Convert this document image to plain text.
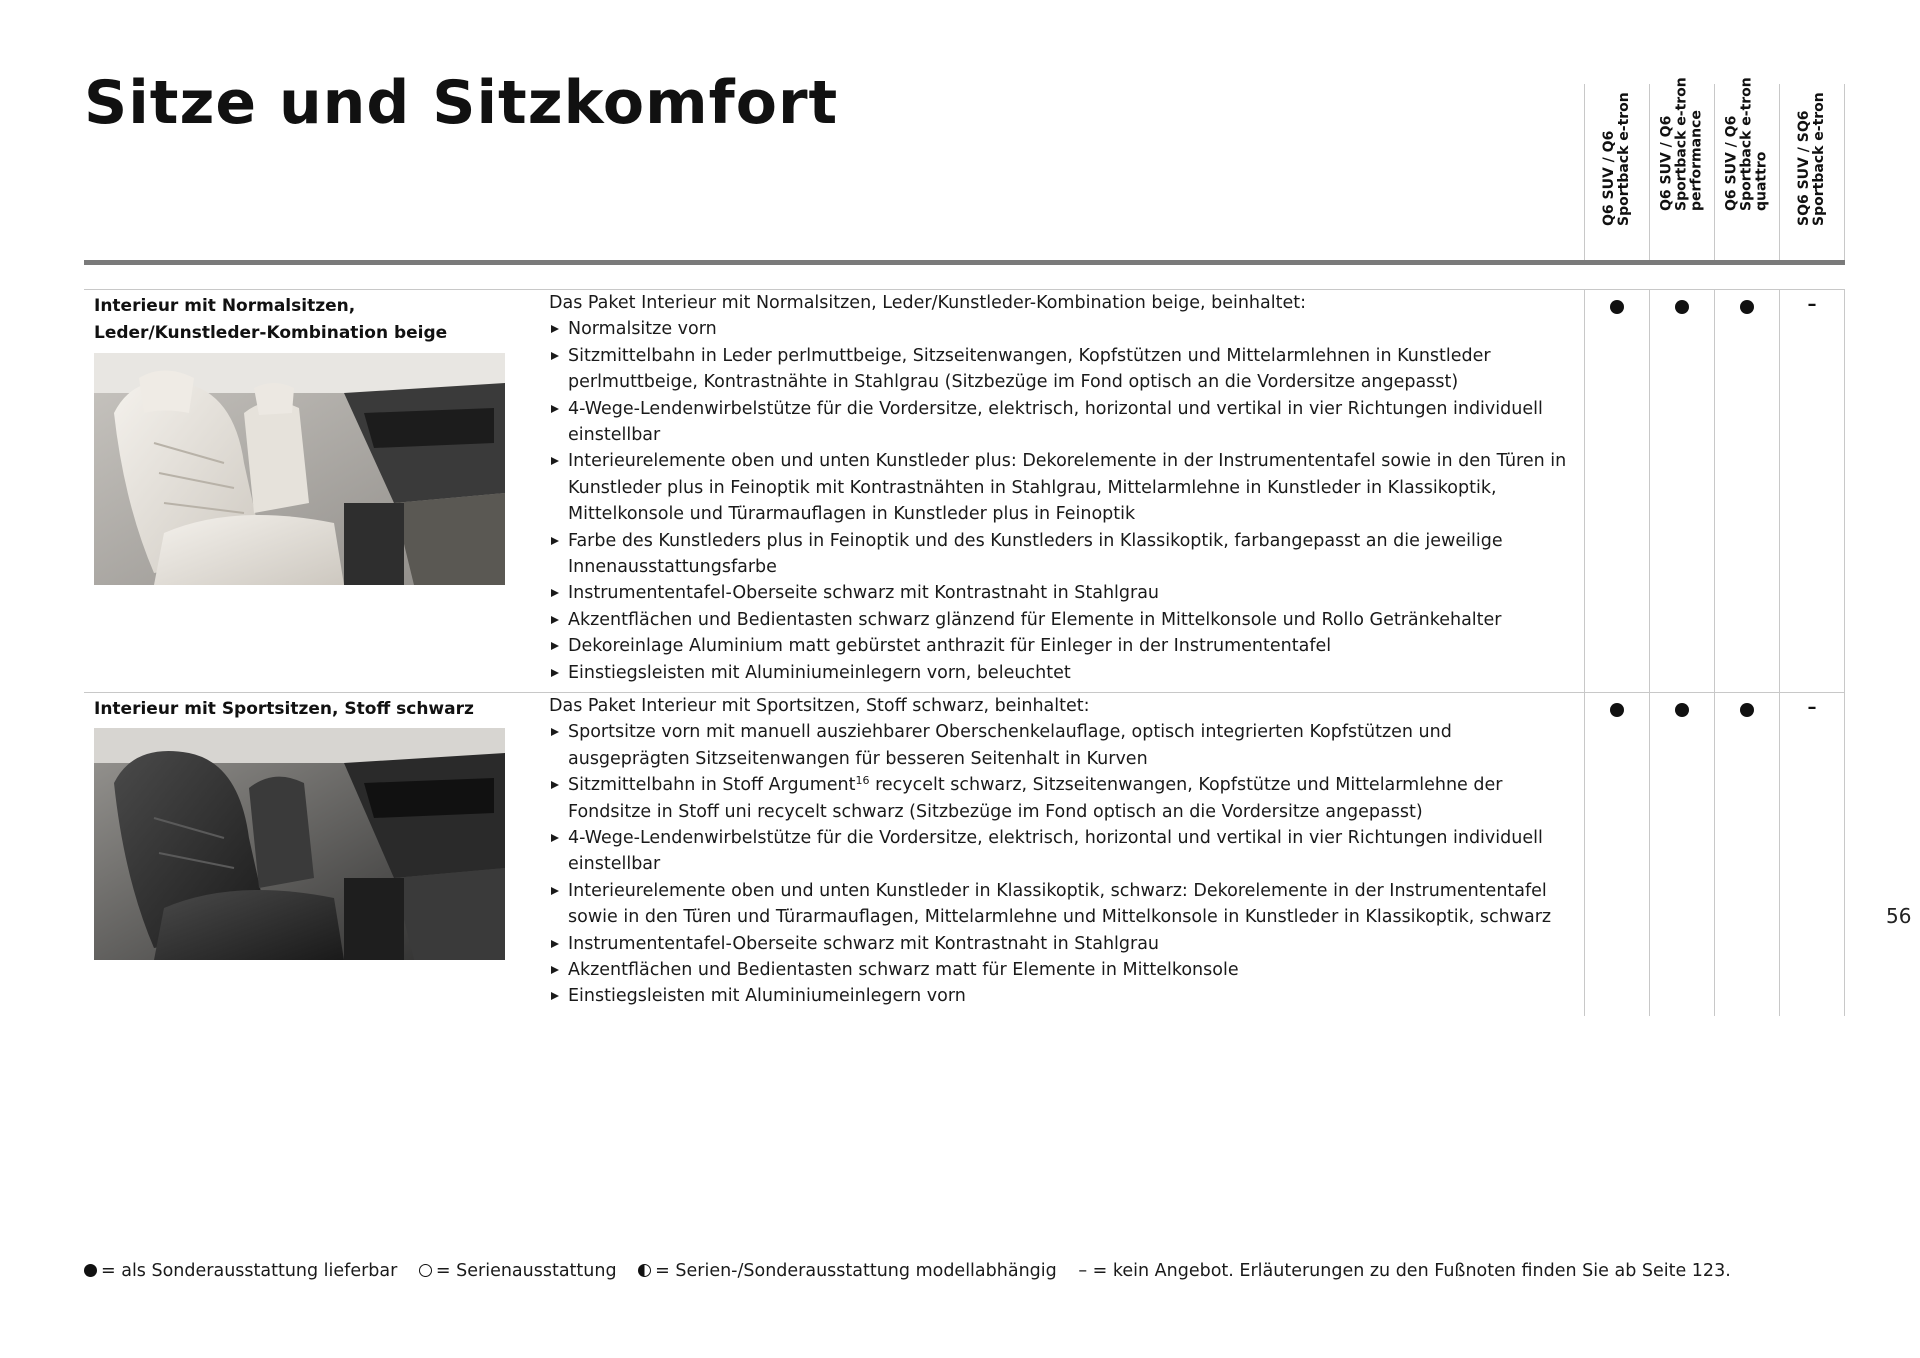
Sitze und Sitzkomfort
Q6 SUV / Q6
Sportback e-tron Q6 SUV / Q6
Sportback e-tron
performance Q6 SUV / Q6
Sportback e-tron
quattro SQ6 SUV / SQ6
Sportback e-tron
Interieur mit Normalsitzen, Leder/Kunstleder-Kombination beige
Das Paket Interieur mit Normalsitzen, Leder/Kunstleder-Kombination beige, beinhaltet:
Normalsitze vorn
Sitzmittelbahn in Leder perlmuttbeige, Sitzseitenwangen, Kopfstützen und Mittelarmlehnen in Kunstleder perlmuttbeige, Kontrastnähte in Stahlgrau (Sitzbezüge im Fond optisch an die Vordersitze angepasst)
4-Wege-Lendenwirbelstütze für die Vordersitze, elektrisch, horizontal und vertikal in vier Richtungen individuell einstellbar
Interieurelemente oben und unten Kunstleder plus: Dekorelemente in der Instrumententafel sowie in den Türen in Kunstleder plus in Feinoptik mit Kontrastnähten in Stahlgrau, Mittelarmlehne in Kunstleder in Klassikoptik, Mittelkonsole und Türarmauflagen in Kunstleder plus in Feinoptik
Farbe des Kunstleders plus in Feinoptik und des Kunstleders in Klassikoptik, farbangepasst an die jeweilige Innenausstattungsfarbe
Instrumententafel-Oberseite schwarz mit Kontrastnaht in Stahlgrau
Akzentflächen und Bedientasten schwarz glänzend für Elemente in Mittelkonsole und Rollo Getränkehalter
Dekoreinlage Aluminium matt gebürstet anthrazit für Einleger in der Instrumententafel
Einstiegsleisten mit Aluminiumeinlegern vorn, beleuchtet
–
Interieur mit Sportsitzen, Stoff schwarz	Das Paket Interieur mit Sportsitzen, Stoff schwarz, beinhaltet:
Sportsitze vorn mit manuell ausziehbarer Oberschenkelauflage, optisch integrierten Kopfstützen und ausgeprägten Sitzseitenwangen für besseren Seitenhalt in Kurven
Sitzmittelbahn in Stoff Argument$^{16}$ recycelt schwarz, Sitzseitenwangen, Kopfstütze und Mittelarmlehne der Fondsitze in Stoff uni recycelt schwarz (Sitzbezüge im Fond optisch an die Vordersitze angepasst)
4-Wege-Lendenwirbelstütze für die Vordersitze, elektrisch, horizontal und vertikal in vier Richtungen individuell einstellbar
Interieurelemente oben und unten Kunstleder in Klassikoptik, schwarz: Dekorelemente in der Instrumententafel sowie in den Türen und Türarmauflagen, Mittelarmlehne und Mittelkonsole in Kunstleder in Klassikoptik, schwarz
Instrumententafel-Oberseite schwarz mit Kontrastnaht in Stahlgrau
Akzentflächen und Bedientasten schwarz matt für Elemente in Mittelkonsole
Einstiegsleisten mit Aluminiumeinlegern vorn
–
56
= als Sonderausstattung lieferbar = Serienausstattung = Serien-/Sonderausstattung modellabhängig – = kein Angebot. Erläuterungen zu den Fußnoten finden Sie ab Seite 123.
